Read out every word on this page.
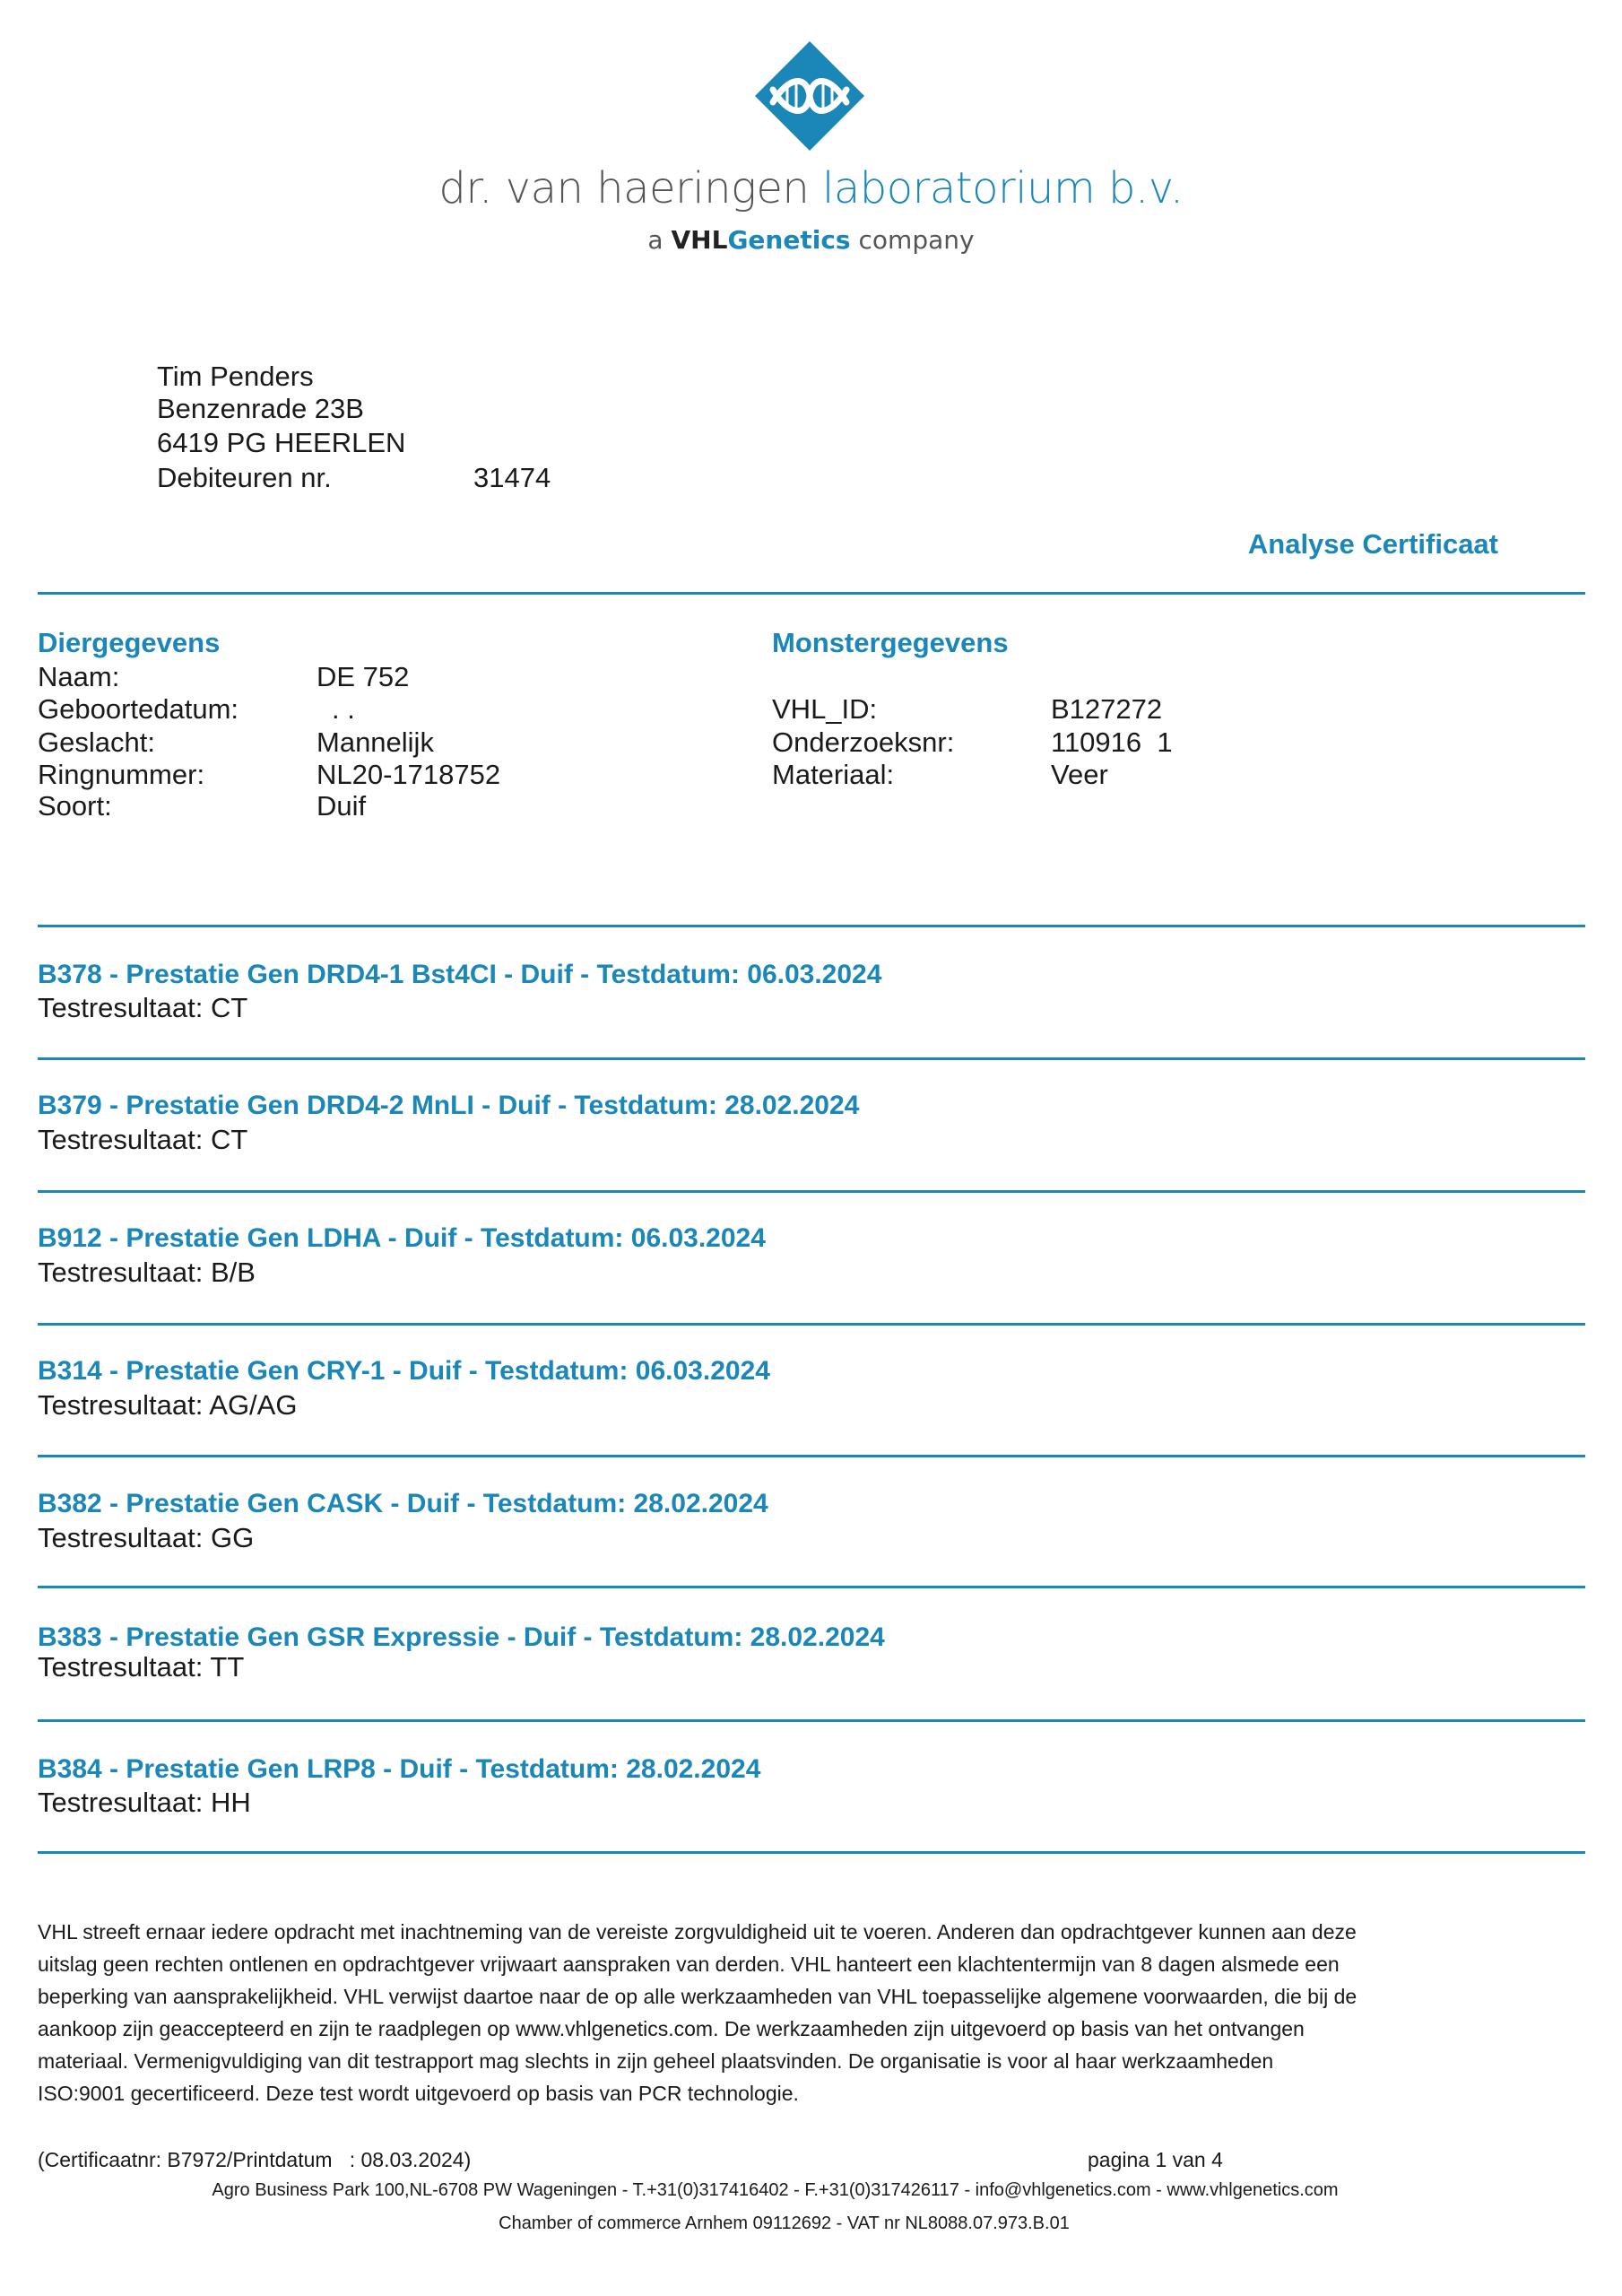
dr. van haeringen laboratorium b.v.
a VHLGenetics company
Tim Penders
Benzenrade 23B
6419 PG HEERLEN
Debiteuren nr.	31474
Analyse Certificaat
Diergegevens
Naam:	DE 752
Geboortedatum:	. .
Geslacht:	Mannelijk
Ringnummer:	NL20-1718752
Soort:	Duif
Monstergegevens
VHL_ID:	B127272
Onderzoeksnr:	110916  1
Materiaal:	Veer
B378 - Prestatie Gen DRD4-1 Bst4CI - Duif - Testdatum: 06.03.2024
Testresultaat: CT
B379 - Prestatie Gen DRD4-2 MnLI - Duif - Testdatum: 28.02.2024
Testresultaat: CT
B912 - Prestatie Gen LDHA - Duif - Testdatum: 06.03.2024
Testresultaat: B/B
B314 - Prestatie Gen CRY-1 - Duif - Testdatum: 06.03.2024
Testresultaat: AG/AG
B382 - Prestatie Gen CASK - Duif - Testdatum: 28.02.2024
Testresultaat: GG
B383 - Prestatie Gen GSR Expressie - Duif - Testdatum: 28.02.2024
Testresultaat: TT
B384 - Prestatie Gen LRP8 - Duif - Testdatum: 28.02.2024
Testresultaat: HH
VHL streeft ernaar iedere opdracht met inachtneming van de vereiste zorgvuldigheid uit te voeren. Anderen dan opdrachtgever kunnen aan deze
uitslag geen rechten ontlenen en opdrachtgever vrijwaart aanspraken van derden. VHL hanteert een klachtentermijn van 8 dagen alsmede een
beperking van aansprakelijkheid. VHL verwijst daartoe naar de op alle werkzaamheden van VHL toepasselijke algemene voorwaarden, die bij de
aankoop zijn geaccepteerd en zijn te raadplegen op www.vhlgenetics.com. De werkzaamheden zijn uitgevoerd op basis van het ontvangen
materiaal. Vermenigvuldiging van dit testrapport mag slechts in zijn geheel plaatsvinden. De organisatie is voor al haar werkzaamheden
ISO:9001 gecertificeerd. Deze test wordt uitgevoerd op basis van PCR technologie.
(Certificaatnr: B7972/Printdatum   : 08.03.2024)	pagina 1 van 4
Agro Business Park 100,NL-6708 PW Wageningen - T.+31(0)317416402 - F.+31(0)317426117 - info@vhlgenetics.com - www.vhlgenetics.com
Chamber of commerce Arnhem 09112692 - VAT nr NL8088.07.973.B.01
